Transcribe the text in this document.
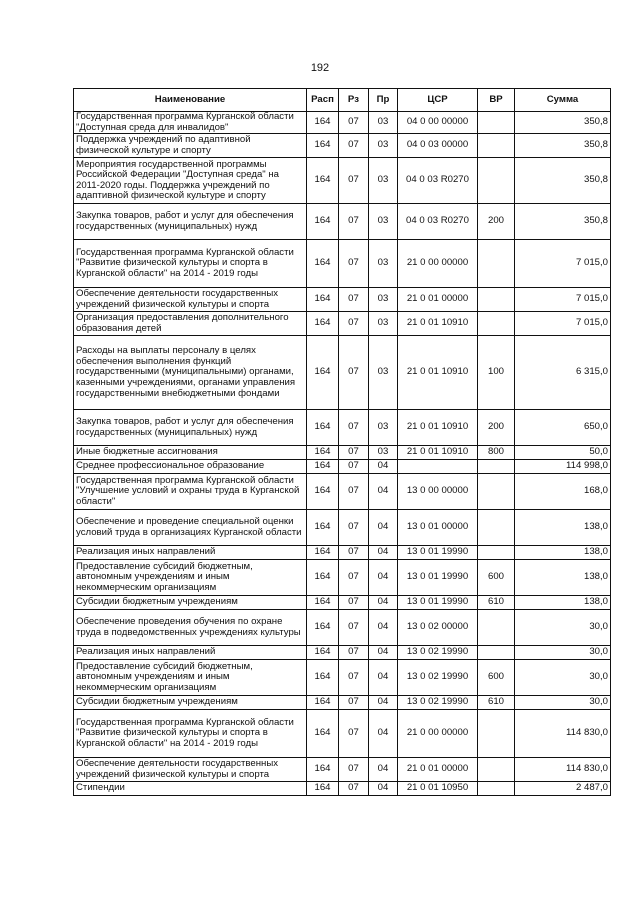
192
Наименование	Расп	Рз	Пр	ЦСР	ВР	Сумма
Государственная программа Курганской области "Доступная среда для инвалидов"	164	07	03	04 0 00 00000		350,8
Поддержка учреждений по адаптивной физической культуре и спорту	164	07	03	04 0 03 00000		350,8
Мероприятия государственной программы Российской Федерации "Доступная среда" на 2011-2020 годы. Поддержка учреждений по адаптивной физической культуре и спорту	164	07	03	04 0 03 R0270		350,8
Закупка товаров, работ и услуг для обеспечения государственных (муниципальных) нужд	164	07	03	04 0 03 R0270	200	350,8
Государственная программа Курганской области "Развитие физической культуры и спорта в Курганской области" на 2014 - 2019 годы	164	07	03	21 0 00 00000		7 015,0
Обеспечение деятельности государственных учреждений физической культуры и спорта	164	07	03	21 0 01 00000		7 015,0
Организация предоставления дополнительного образования детей	164	07	03	21 0 01 10910		7 015,0
Расходы на выплаты персоналу в целях обеспечения выполнения функций государственными (муниципальными) органами, казенными учреждениями, органами управления государственными внебюджетными фондами	164	07	03	21 0 01 10910	100	6 315,0
Закупка товаров, работ и услуг для обеспечения государственных (муниципальных) нужд	164	07	03	21 0 01 10910	200	650,0
Иные бюджетные ассигнования	164	07	03	21 0 01 10910	800	50,0
Среднее профессиональное образование	164	07	04			114 998,0
Государственная программа Курганской области "Улучшение условий и охраны труда в Курганской области"	164	07	04	13 0 00 00000		168,0
Обеспечение и проведение специальной оценки условий труда в организациях Курганской области	164	07	04	13 0 01 00000		138,0
Реализация иных направлений	164	07	04	13 0 01 19990		138,0
Предоставление субсидий бюджетным, автономным учреждениям и иным некоммерческим организациям	164	07	04	13 0 01 19990	600	138,0
Субсидии бюджетным учреждениям	164	07	04	13 0 01 19990	610	138,0
Обеспечение проведения обучения по охране труда в подведомственных учреждениях культуры	164	07	04	13 0 02 00000		30,0
Реализация иных направлений	164	07	04	13 0 02 19990		30,0
Предоставление субсидий бюджетным, автономным учреждениям и иным некоммерческим организациям	164	07	04	13 0 02 19990	600	30,0
Субсидии бюджетным учреждениям	164	07	04	13 0 02 19990	610	30,0
Государственная программа Курганской области "Развитие физической культуры и спорта в Курганской области" на 2014 - 2019 годы	164	07	04	21 0 00 00000		114 830,0
Обеспечение деятельности государственных учреждений физической культуры и спорта	164	07	04	21 0 01 00000		114 830,0
Стипендии	164	07	04	21 0 01 10950		2 487,0
